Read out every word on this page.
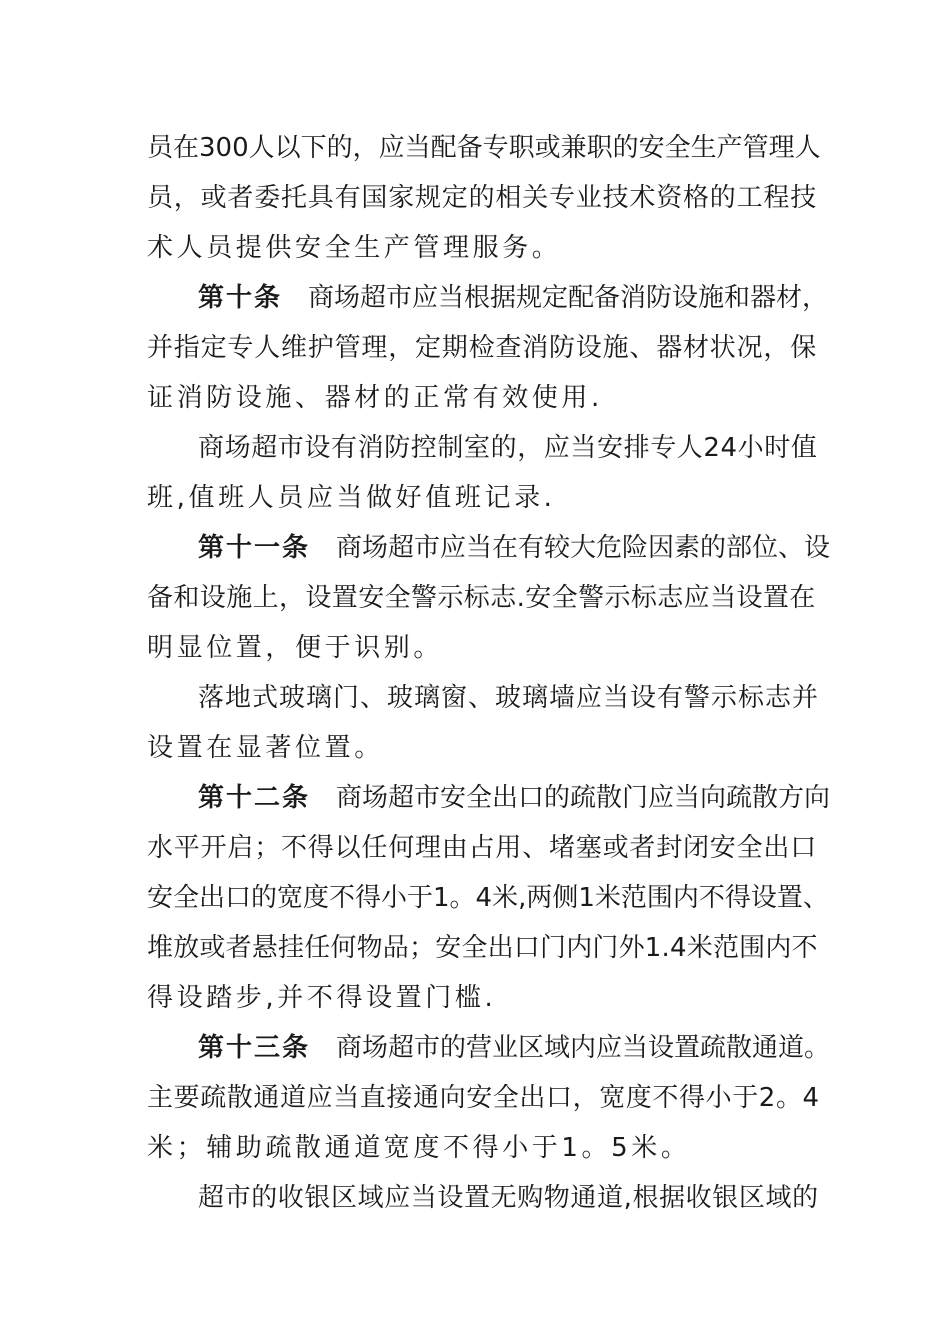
员在300人以下的，应当配备专职或兼职的安全生产管理人
员，或者委托具有国家规定的相关专业技术资格的工程技
术人员提供安全生产管理服务。
第十条 商场超市应当根据规定配备消防设施和器材，
并指定专人维护管理，定期检查消防设施、器材状况，保
证消防设施、器材的正常有效使用.
商场超市设有消防控制室的，应当安排专人24小时值
班,值班人员应当做好值班记录.
第十一条 商场超市应当在有较大危险因素的部位、设
备和设施上，设置安全警示标志.安全警示标志应当设置在
明显位置，便于识别。
落地式玻璃门、玻璃窗、玻璃墙应当设有警示标志并
设置在显著位置。
第十二条 商场超市安全出口的疏散门应当向疏散方向
水平开启；不得以任何理由占用、堵塞或者封闭安全出口
安全出口的宽度不得小于1。4米,两侧1米范围内不得设置、
堆放或者悬挂任何物品；安全出口门内门外1.4米范围内不
得设踏步,并不得设置门槛.
第十三条 商场超市的营业区域内应当设置疏散通道。
主要疏散通道应当直接通向安全出口，宽度不得小于2。4
米；辅助疏散通道宽度不得小于1。5米。
超市的收银区域应当设置无购物通道,根据收银区域的
